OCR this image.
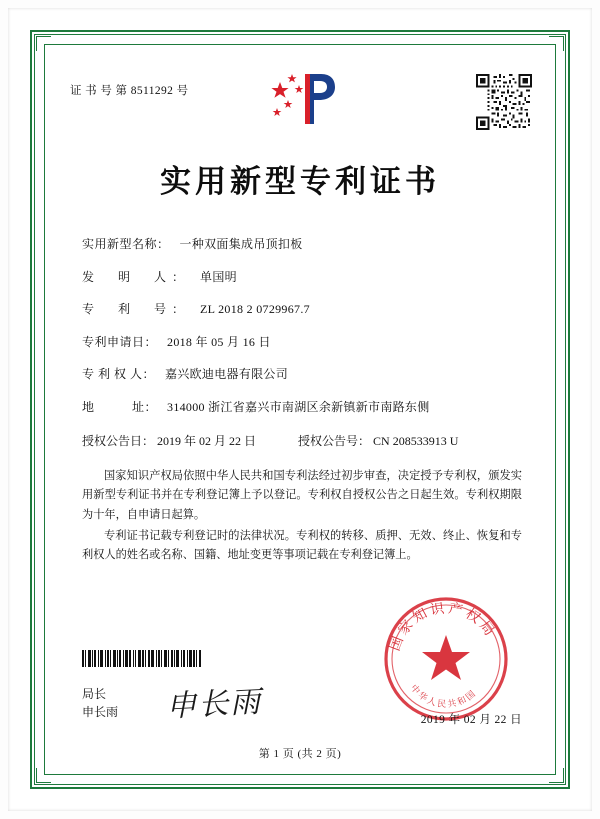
证 书 号 第 8511292 号
实用新型专利证书
实用新型名称： 一种双面集成吊顶扣板
发　明　人： 单国明
专　利　号： ZL 2018 2 0729967.7
专利申请日： 2018 年 05 月 16 日
专 利 权 人： 嘉兴欧迪电器有限公司
地　　　址： 314000 浙江省嘉兴市南湖区余新镇新市南路东侧
授权公告日： 2019 年 02 月 22 日	授权公告号： CN 208533913 U

国家知识产权局依照中华人民共和国专利法经过初步审查，决定授予专利权，颁发实用新型专利证书并在专利登记簿上予以登记。专利权自授权公告之日起生效。专利权期限为十年，自申请日起算。

专利证书记载专利登记时的法律状况。专利权的转移、质押、无效、终止、恢复和专利权人的姓名或名称、国籍、地址变更等事项记载在专利登记簿上。

局长
申长雨 申长雨
国家知识产权局
中华人民共和国
2019 年 02 月 22 日
第 1 页 (共 2 页)
